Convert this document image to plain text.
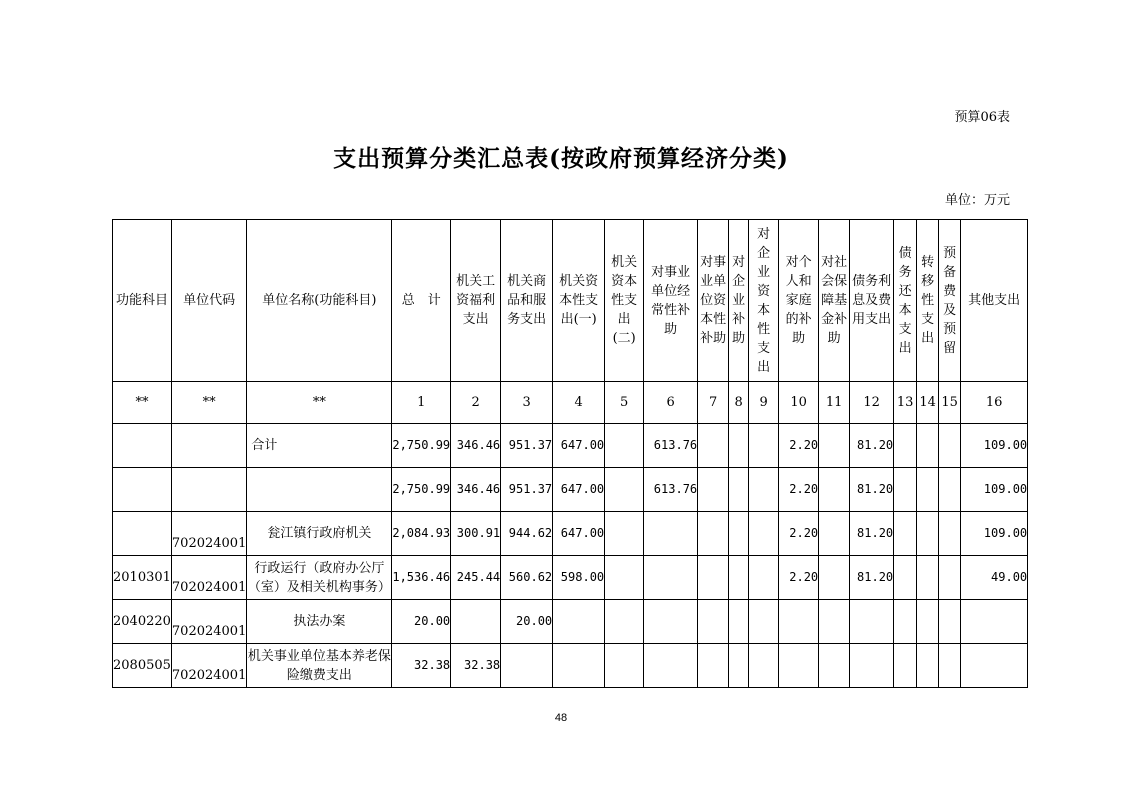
预算06表
支出预算分类汇总表(按政府预算经济分类)
单位：万元
功能科目	单位代码	单位名称(功能科目)	总　计	机关工资福利支出	机关商品和服务支出	机关资本性支出(一)	机关资本性支出(二)	对事业单位经常性补助	对事业单位资本性补助	对企业补助	对企业资本性支出	对个人和家庭的补助	对社会保障基金补助	债务利息及费用支出	债务还本支出	转移性支出	预备费及预留	其他支出
**	**	**	1	2	3	4	5	6	7	8	9	10	11	12	13	14	15	16
		合计	2,750.99	346.46	951.37	647.00		613.76				2.20		81.20				109.00
			2,750.99	346.46	951.37	647.00		613.76				2.20		81.20				109.00
	702024001	瓮江镇行政府机关	2,084.93	300.91	944.62	647.00						2.20		81.20				109.00
2010301	702024001	行政运行（政府办公厅（室）及相关机构事务）	1,536.46	245.44	560.62	598.00						2.20		81.20				49.00
2040220	702024001	执法办案	20.00		20.00													
2080505	702024001	机关事业单位基本养老保险缴费支出	32.38	32.38														
48
